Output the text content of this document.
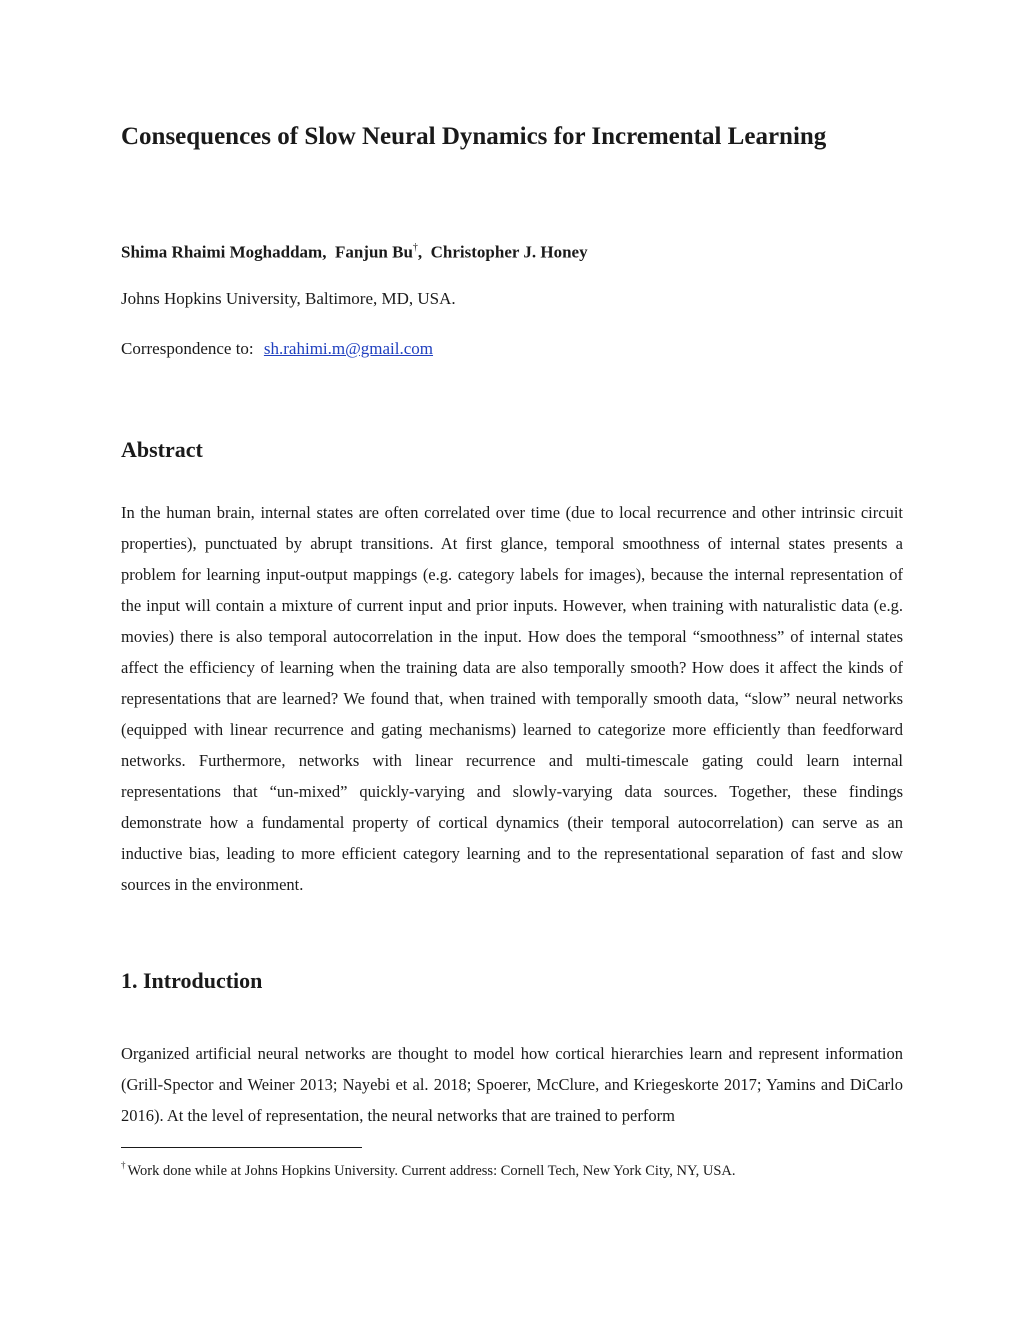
Consequences of Slow Neural Dynamics for Incremental Learning
Shima Rhaimi Moghaddam,  Fanjun Bu†,  Christopher J. Honey
Johns Hopkins University, Baltimore, MD, USA.
Correspondence to: sh.rahimi.m@gmail.com
Abstract

In the human brain, internal states are often correlated over time (due to local recurrence and other intrinsic circuit properties), punctuated by abrupt transitions. At first glance, temporal smoothness of internal states presents a problem for learning input-output mappings (e.g. category labels for images), because the internal representation of the input will contain a mixture of current input and prior inputs. However, when training with naturalistic data (e.g. movies) there is also temporal autocorrelation in the input. How does the temporal “smoothness” of internal states affect the efficiency of learning when the training data are also temporally smooth? How does it affect the kinds of representations that are learned? We found that, when trained with temporally smooth data, “slow” neural networks (equipped with linear recurrence and gating mechanisms) learned to categorize more efficiently than feedforward networks. Furthermore, networks with linear recurrence and multi-timescale gating could learn internal representations that “un-mixed” quickly-varying and slowly-varying data sources. Together, these findings demonstrate how a fundamental property of cortical dynamics (their temporal autocorrelation) can serve as an inductive bias, leading to more efficient category learning and to the representational separation of fast and slow sources in the environment.

1. Introduction

Organized artificial neural networks are thought to model how cortical hierarchies learn and represent information (Grill-Spector and Weiner 2013; Nayebi et al. 2018; Spoerer, McClure, and Kriegeskorte 2017; Yamins and DiCarlo 2016). At the level of representation, the neural networks that are trained to perform

† Work done while at Johns Hopkins University. Current address: Cornell Tech, New York City, NY, USA.
